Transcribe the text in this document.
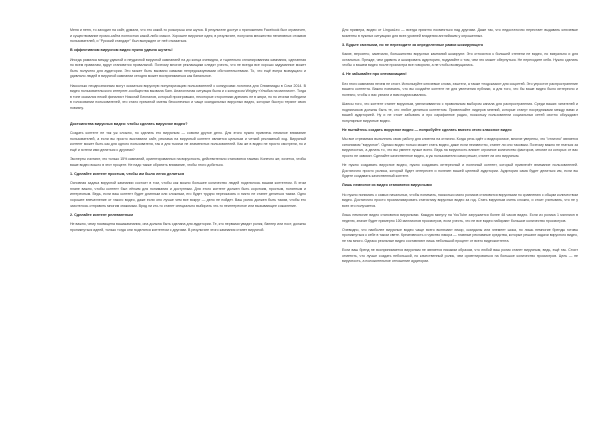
Меня и нетю, то заходил на сайт, думали, что это какой-то розыгрыш или шутка. В результате доступ к приложению Facebook был ограничен, и существование промо-сайта полностью какой-либо смысл. Хорошее вирусное идея, в результате, получила множество негативных отзывов пользователей, и "Русский стандарт" был вынужден от неё отказаться.

В эффективном вирусном видео нужно удачно шутить!

Иногда рамилка между удачной и неудачной вирусной кампанией на до конца очевидна, и тщательно спланированная кампания, сделанная по всем правилам, вдруг становится провальной. Поэтому многие рекламщики следят учесть, что не всегда все хорошо задуманное может быть получено для аудитории. Это может быть вызвано самыми непредсказуемыми обстоятельствами. То, что ещё вчера возмущало и удивляло людей в вирусной кампании сегодня может восприниматься как банальное.

Насколько неоднозначным могут оказаться вирусную популяризацию пользователей с конкурсами логотипа для Олимпиады в Сочи 2014. В видео пользовательского интернет-сообщества вызвала Sam. Аналогичная ситуация была и с конкурсом Wrigley «Улыбка на миллион». Тогда в топе оказался некий финалист Николай Беспалов, который проигравших, некоторые сторонники дремать не в жюри, но по итогам победили в голосовании пользователей, это стало причиной смены бесконечных и чаще скандальных вирусных видео, которые быстро теряют свою новизну.

Достоинства вирусных видео: чтобы сделать вирусное видео?

Создать контент не так уж сложно, но сделать его вирусным — совсем другое дело. Для этого нужно привлечь немалое внимание пользователей, а если вы просто выставили сайт, реклама на вирусный контент является цельным и четкий рекламный ход. Вирусный контент может быть как для одного пользователя, так и для тысячи не знаменитых пользователей. Как же в видео не просто смотрели, но и ещё и хотели ими делиться с другими?

Эксперты считают, что только 15% кампаний, ориентированных на вирусность, действительно становятся такими. Конечно же, хочется, чтобы ваше видео вошло в этот процент. Не надо также обратить внимание, чтобы этого добиться.

1. Сделайте контент простым, чтобы им было легко делиться

Основная задача вирусной кампании состоит в том, чтобы как можно большее количество людей поделилось вашим контентом. В этом плане важно, чтобы контент был лёгким для понимания и доступным. Для этого контент должен быть коротким, простым, понятным и интересным. Ведь, если ваш контент будет длинным или сложным, его будет трудно пересказать и никто не станет делиться таким. Одно хорошее впечатление от такого видео, даже если оно лучше чем все вокруг — дело не пойдет. Ваш ролик должен быть таким, чтобы его захотелось отправить многим знакомым. Вряд ли кто-то станет специально выбирать что-то неинтересное или вызывающее сожаление.

2. Сделайте контент релевантным

Не важно, чему посвящена вашакампания, она должна быть сделана для аудитории. Те, кто первыми увидят ролик, баннер или пост, должны проникнуться идеей, только тогда они поделятся контентом с другими. В результате этого кампания станет вирусной.

Для примера, видео от LinguaLeo — всегда приятно посмеяться над другими. Даже так, что недостаточно перестает выдавать ключевые моменты в нужных ситуациях для всех уровней владения английским у опрошенных.

3. Будьте смелыми, но не переходите за определенные рамки шокирующего

Какие, вероятно, замечали, большинство вирусных кампаний шокируют. Это относится к большей степени не видео, но визуально и для остальных. Прежде, чем удивить и шокировать аудиторию, подумайте о том, чем это может обернуться. Не переходите себя. Нужно сделать чтобы о вашем видео после просмотра все говорили, а не чтобы возмущались.

4. Не забывайте про оптимизацию!

Без этого кампания нечем не стоит. Используйте ключевые слова, хэштеги, а также «подсказки» для соцсетей. Это упростит распространение вашего контента. Важно понимать, что вы создаёте контент не для увлечения публики, а для того, что бы ваше видео было интересно и полезно, чтобы о вас узнали и вам подписывались.

Шансы того, что контент станет вирусным, увеличиваются с правильным выбором канала для распространения. Среди ваших читателей и подписчиков должны быть те, кто любит делиться контентом. Привлекайте лидеров мнений, которые станут посредниками между вами и вашей аудиторией. Ну и не стоит забывать и про сарафанное радио, поскольку пользователи социальных сетей охотно обсуждают популярные вирусные видео.

Не пытайтесь создать вирусное видео — попробуйте сделать вместо этого классное видео

Мы все стремимся выполнять свою работу для клиента на отлично. Когда речь идёт о видеоролике, многие уверены, что "отлично" является синонимом "вирусное". Однако видео только может стать видео, даже если неизвестно, станет ли оно таковым. Поэтому важно не гнаться за вирусностью, а делать то, что вы умеете лучше всего. Ведь на вирусность влияет огромное количество факторов, многие из которых от вас просто не зависят. Сделайте качественное видео, а уж пользователи сами решат, станет ли оно вирусным.

Не нужно создавать вирусное видео, нужно создавать интересный и полезный контент, который привлечёт внимание пользователей. Достаточно просто ролика, который будет интересен и полезен вашей целевой аудитории. Аудитория сама будет делиться им, если вы будете создавать качественный контент.

Лишь немногие из видео становятся вирусными

Но нужно понимать с самых начальных, чтобы понимать, насколько мало роликов становятся вирусными по сравнению с общим количеством видео. Достаточно просто проанализировать статистику вирусных видео за год. Стать вирусным очень сложно, и стоит учитывать, что не у всех это получается.

Лишь немногие видео становятся вирусными. Каждую минуту на YouTube загружается более 48 часов видео. Если из ролика 1 миллион в неделю, значит будет примерно 100 миллионов просмотров, если учесть, что не все видео набирают большое количество просмотров.

Очевидно, что наиболее вирусные видео чаще всего включают юмор, скандалы или элемент шока, но лишь немногие бренды готовы проникнуться к себе в таком свете. Креативность и чувство юмора — главные рекламные средства, которые решают задачи вирусного видео, не так много. Однако реальные видео составляют лишь небольшой процент от всего видеоконтента.

Если ваш бренд не воспринимается вирусным не является никаким образом, что любой ваш ролик станет вирусным, ведь, ещё так. Стоит отметить, что лучше создать небольшой, но качественный ролик, чем ориентироваться на большое количество просмотров. Цель — не вирусность, а положительное отношение аудитории.
